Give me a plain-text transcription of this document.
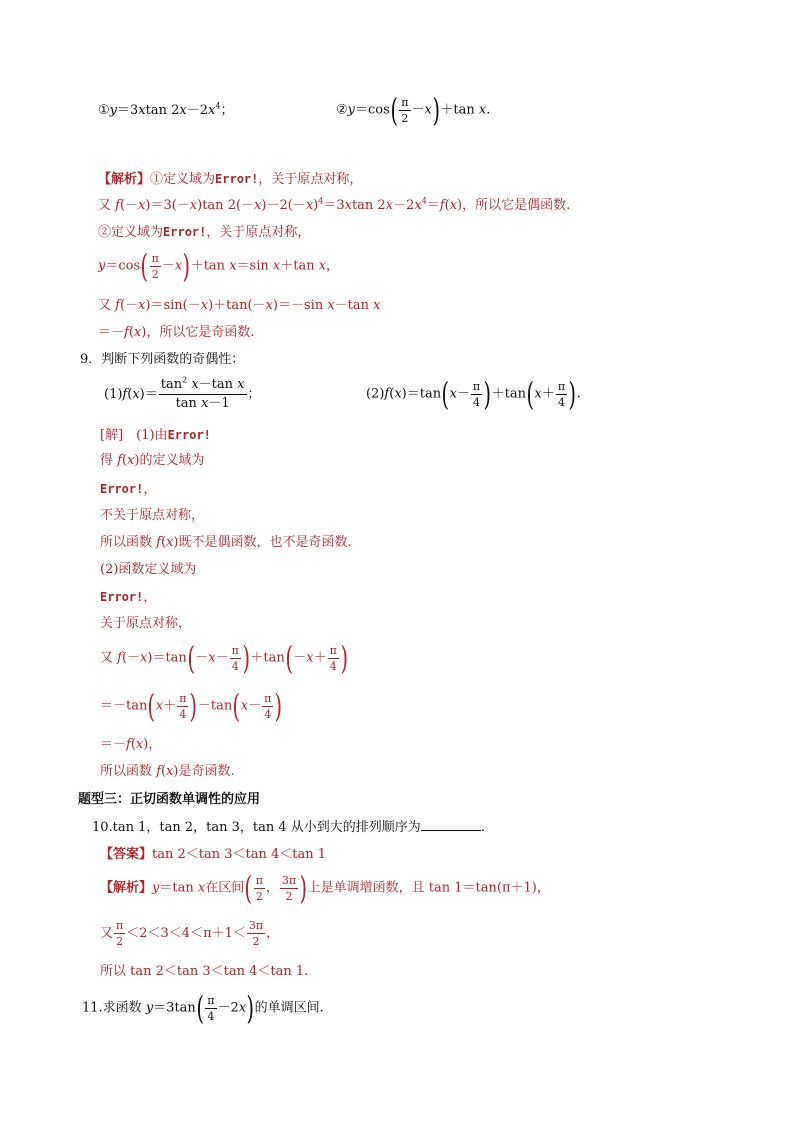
①y＝3xtan $2x-2x^4$；	②y＝cos( $\frac{\pi}{2} -x)+\tan$ x.
【解析】①定义域为Error!，关于原点对称，
又 f(－x)＝3(－x)tan $2(-x)-2(-x)^4=3xtan$ $2x-2x^4=f(x)$，所以它是偶函数.
②定义域为Error!，关于原点对称，
$y=\cos( \frac{\pi}{2} -x)+\tan$ x＝sin x＋tan x，
又 f(－x)＝sin(－x)＋tan(－x)＝－sin x－tan x
＝－f(x)，所以它是奇函数.
9．判断下列函数的奇偶性：
$(1)f(x)= \frac{\tan^2 x-\tan x}{\text{tan x－1}}$ ；	$(2)f(x)=\tan(x- \frac{\pi}{4} )+\tan(x+ \frac{\pi}{4}$ ).
[解]　(1)由Error!
得 f(x)的定义域为
Error!，
不关于原点对称，
所以函数 f(x)既不是偶函数，也不是奇函数.
(2)函数定义域为
Error!，
关于原点对称，
又 $f(-x)=\tan(-x- \frac{\pi}{4} )+\tan(-x+ \frac{\pi}{4}$ )
$=-\tan(x+ \frac{\pi}{4} )-\tan(x- \frac{\pi}{4}$ )
＝－f(x)，
所以函数 f(x)是奇函数.
题型三：正切函数单调性的应用
10.tan 1，tan 2，tan 3，tan 4 从小到大的排列顺序为	.
【答案】tan 2＜tan 3＜tan 4＜tan 1
【解析】y＝tan x在区间( $\frac{\pi}{2}$ ， $\frac{3\pi}{2}$ )上是单调增函数，且 tan 1＝tan(π＋1)，
又 $\frac{\pi}{2} <2<3<4<\pi+1< \frac{3\pi}{2}$ ，
所以 tan 2＜tan 3＜tan 4＜tan 1.
11.求函数 $y=3\tan( \frac{\pi}{4} -2x)$的单调区间.
